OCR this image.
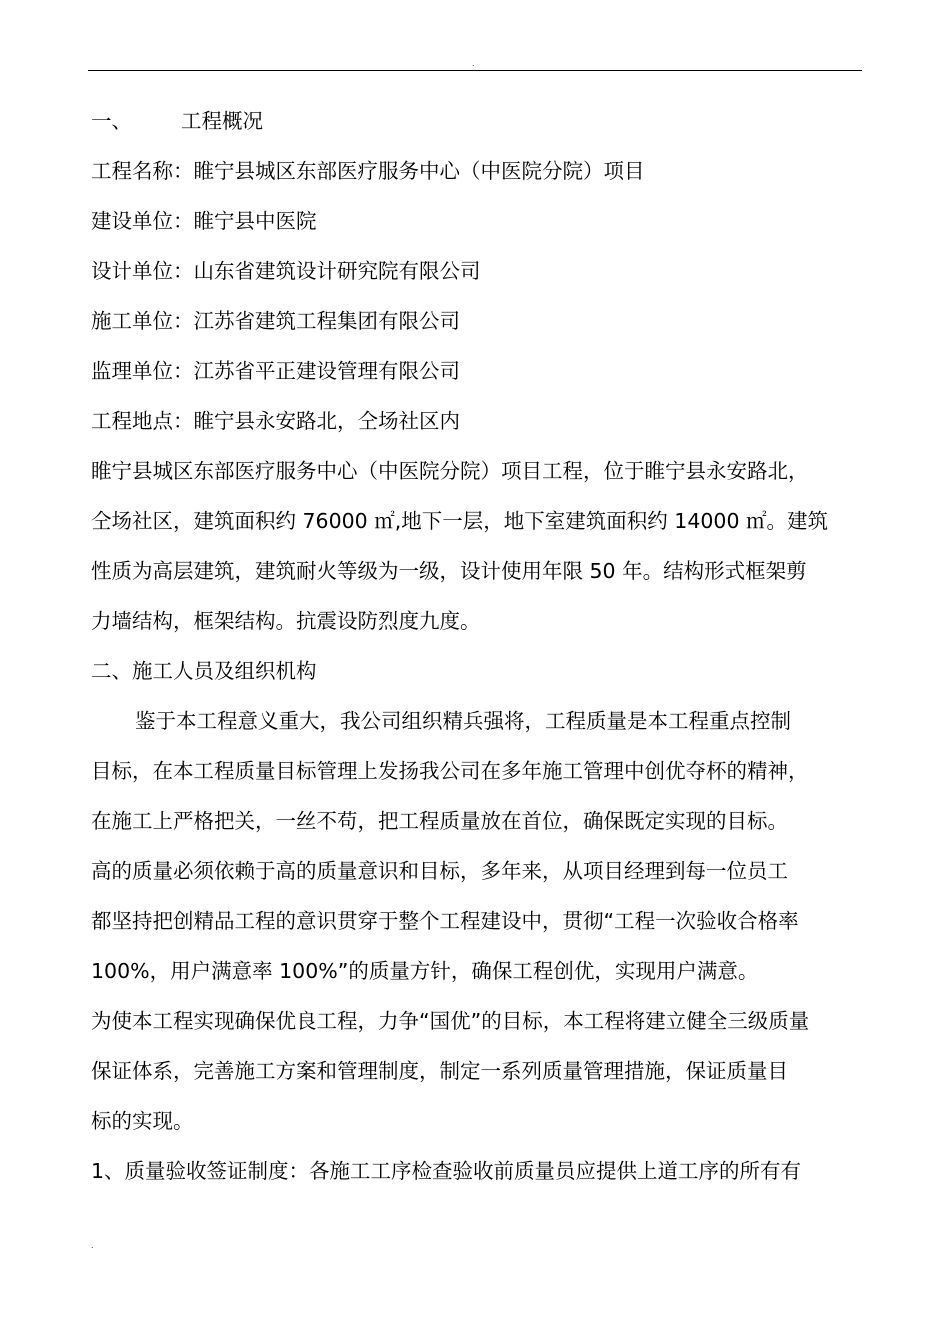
.
一、 工程概况
工程名称：睢宁县城区东部医疗服务中心（中医院分院）项目
建设单位：睢宁县中医院
设计单位：山东省建筑设计研究院有限公司
施工单位：江苏省建筑工程集团有限公司
监理单位：江苏省平正建设管理有限公司
工程地点：睢宁县永安路北，仝场社区内
睢宁县城区东部医疗服务中心（中医院分院）项目工程，位于睢宁县永安路北，
仝场社区，建筑面积约 76000 ㎡,地下一层，地下室建筑面积约 14000 ㎡。建筑
性质为高层建筑，建筑耐火等级为一级，设计使用年限 50 年。结构形式框架剪
力墙结构，框架结构。抗震设防烈度九度。
二、施工人员及组织机构
鉴于本工程意义重大，我公司组织精兵强将，工程质量是本工程重点控制
目标，在本工程质量目标管理上发扬我公司在多年施工管理中创优夺杯的精神，
在施工上严格把关，一丝不苟，把工程质量放在首位，确保既定实现的目标。
高的质量必须依赖于高的质量意识和目标，多年来，从项目经理到每一位员工
都坚持把创精品工程的意识贯穿于整个工程建设中，贯彻“工程一次验收合格率
100%，用户满意率 100%”的质量方针，确保工程创优，实现用户满意。
为使本工程实现确保优良工程，力争“国优”的目标，本工程将建立健全三级质量
保证体系，完善施工方案和管理制度，制定一系列质量管理措施，保证质量目
标的实现。
1、质量验收签证制度：各施工工序检查验收前质量员应提供上道工序的所有有
.
